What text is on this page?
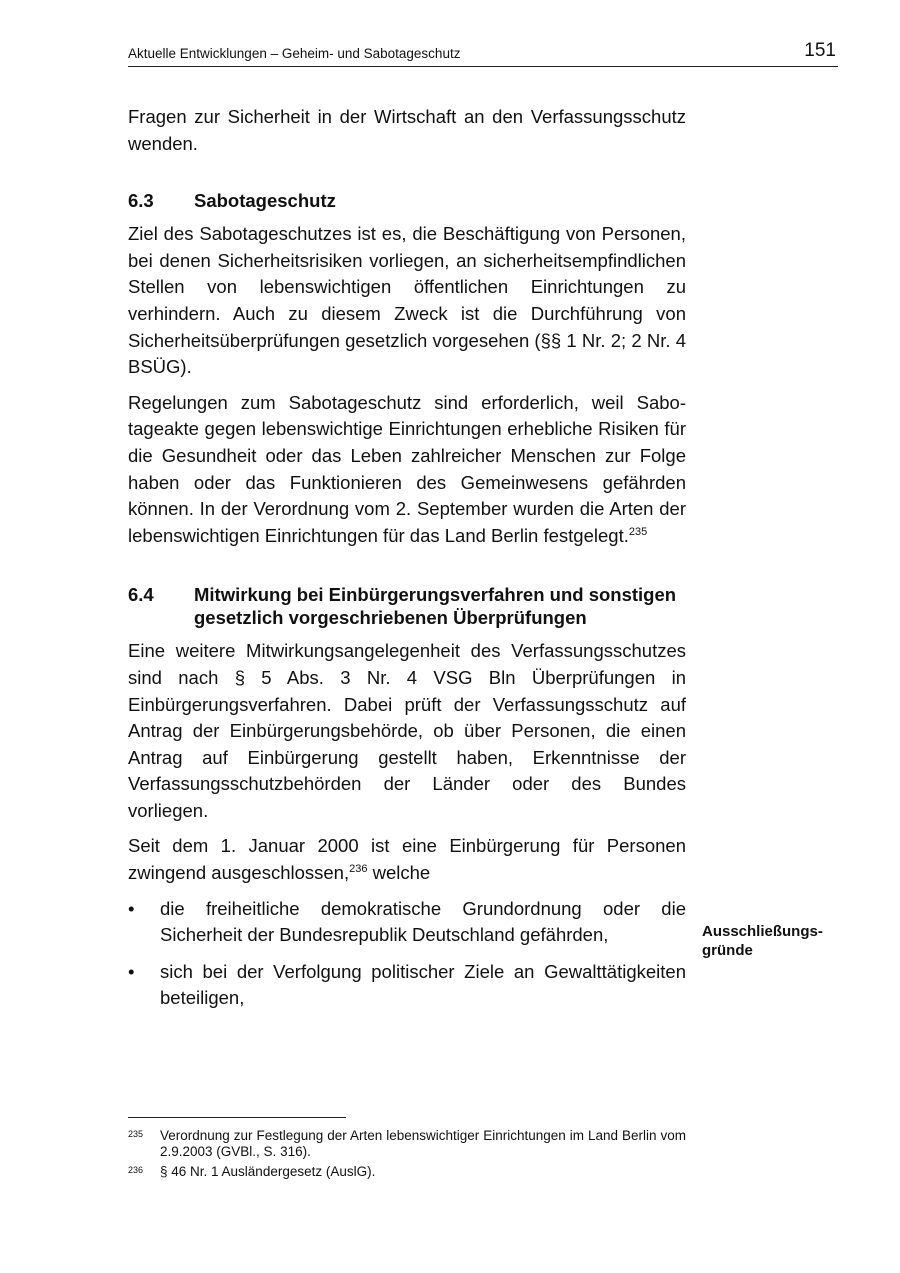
Aktuelle Entwicklungen – Geheim- und Sabotageschutz	151

Fragen zur Sicherheit in der Wirtschaft an den Verfassungsschutz wenden.

6.3	Sabotageschutz

Ziel des Sabotageschutzes ist es, die Beschäftigung von Personen, bei denen Sicherheitsrisiken vorliegen, an sicherheitsempfindlichen Stellen von lebenswichtigen öffentlichen Einrichtungen zu verhindern. Auch zu diesem Zweck ist die Durchführung von Sicherheitsüberprüfungen gesetzlich vorgesehen (§§ 1 Nr. 2; 2 Nr. 4 BSÜG).

Regelungen zum Sabotageschutz sind erforderlich, weil Sabotageakte gegen lebenswichtige Einrichtungen erhebliche Risiken für die Gesundheit oder das Leben zahlreicher Menschen zur Folge haben oder das Funktionieren des Gemeinwesens gefährden können. In der Verordnung vom 2. September wurden die Arten der lebenswichtigen Einrichtungen für das Land Berlin festgelegt.$^{235}$

6.4	Mitwirkung bei Einbürgerungsverfahren und sonstigen gesetzlich vorgeschriebenen Überprüfungen

Eine weitere Mitwirkungsangelegenheit des Verfassungsschutzes sind nach § 5 Abs. 3 Nr. 4 VSG Bln Überprüfungen in Einbürgerungsverfahren. Dabei prüft der Verfassungsschutz auf Antrag der Einbürgerungsbehörde, ob über Personen, die einen Antrag auf Einbürgerung gestellt haben, Erkenntnisse der Verfassungsschutzbehörden der Länder oder des Bundes vorliegen.

Seit dem 1. Januar 2000 ist eine Einbürgerung für Personen zwingend ausgeschlossen,$^{236}$ welche

•	die freiheitliche demokratische Grundordnung oder die Sicherheit der Bundesrepublik Deutschland gefährden,
•	sich bei der Verfolgung politischer Ziele an Gewalttätigkeiten beteiligen,
Ausschließungs-gründe
235	Verordnung zur Festlegung der Arten lebenswichtiger Einrichtungen im Land Berlin vom 2.9.2003 (GVBl., S. 316).
236	§ 46 Nr. 1 Ausländergesetz (AuslG).
